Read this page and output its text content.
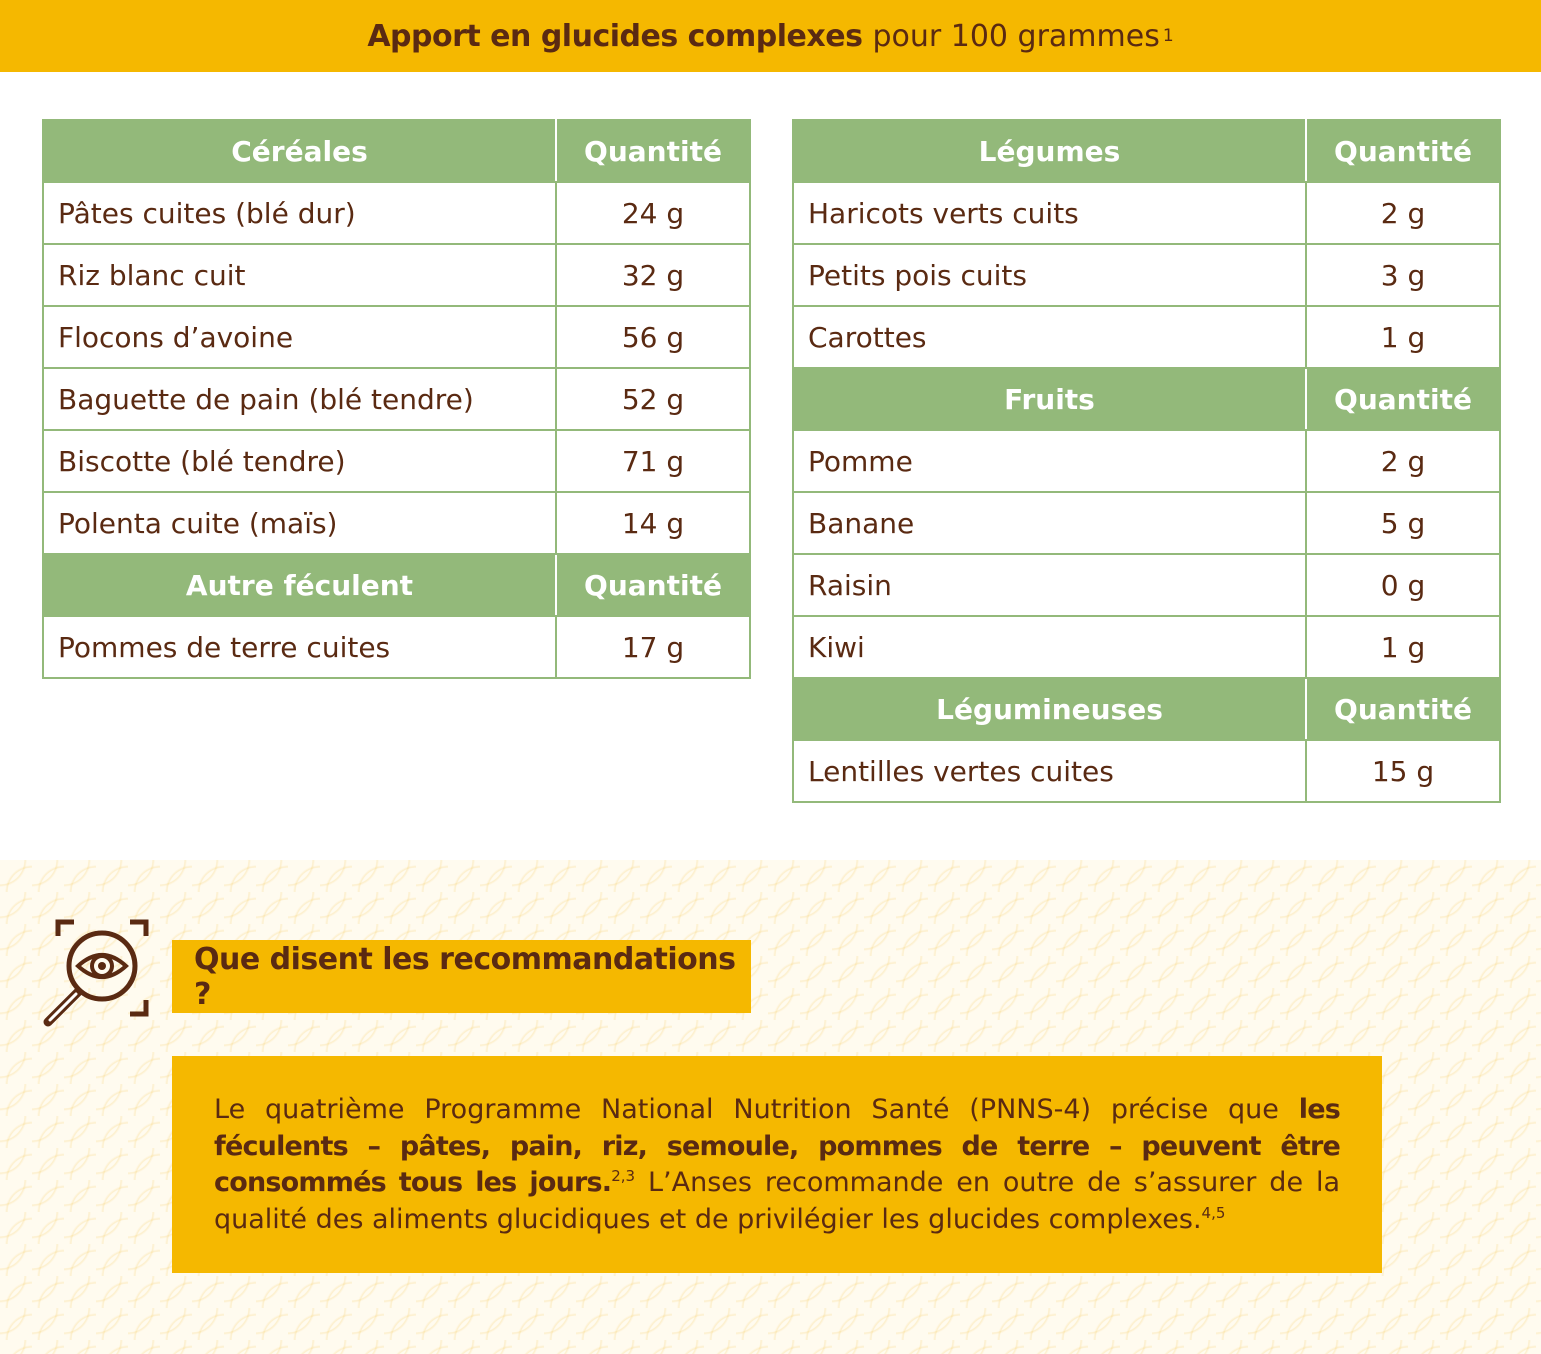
Apport en glucides complexes pour 100 grammes 1
Céréales	Quantité
Pâtes cuites (blé dur)	24 g
Riz blanc cuit	32 g
Flocons d’avoine	56 g
Baguette de pain (blé tendre)	52 g
Biscotte (blé tendre)	71 g
Polenta cuite (maïs)	14 g
Autre féculent	Quantité
Pommes de terre cuites	17 g
Légumes	Quantité
Haricots verts cuits	2 g
Petits pois cuits	3 g
Carottes	1 g
Fruits	Quantité
Pomme	2 g
Banane	5 g
Raisin	0 g
Kiwi	1 g
Légumineuses	Quantité
Lentilles vertes cuites	15 g
Que disent les recommandations ?
Le quatrième Programme National Nutrition Santé (PNNS-4) précise que les féculents – pâtes, pain, riz, semoule, pommes de terre – peuvent être consommés tous les jours.$^{2,3}$ L’Anses recommande en outre de s’assurer de la qualité des aliments glucidiques et de privilégier les glucides complexes.$^{4,5}$
